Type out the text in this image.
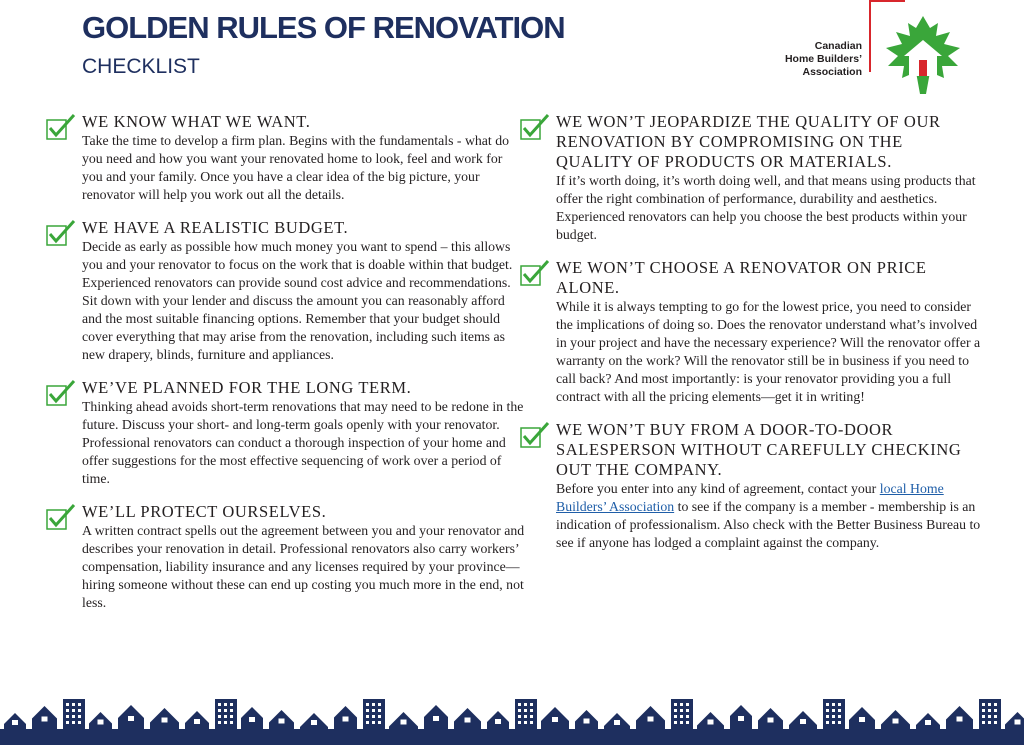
GOLDEN RULES OF RENOVATION
CHECKLIST
Canadian
Home Builders’
Association
WE KNOW WHAT WE WANT.

Take the time to develop a firm plan. Begins with the fundamentals - what do you need and how you want your renovated home to look, feel and work for you and your family. Once you have a clear idea of the big picture, your renovator will help you work out all the details.

WE HAVE A REALISTIC BUDGET.

Decide as early as possible how much money you want to spend – this allows you and your renovator to focus on the work that is doable within that budget. Experienced renovators can provide sound cost advice and recommendations. Sit down with your lender and discuss the amount you can reasonably afford and the most suitable financing options. Remember that your budget should cover everything that may arise from the renovation, including such items as new drapery, blinds, furniture and appliances.

WE’VE PLANNED FOR THE LONG TERM.

Thinking ahead avoids short-term renovations that may need to be redone in the future. Discuss your short- and long-term goals openly with your renovator. Professional renovators can conduct a thorough inspection of your home and offer suggestions for the most effective sequencing of work over a period of time.

WE’LL PROTECT OURSELVES.

A written contract spells out the agreement between you and your renovator and describes your renovation in detail. Professional renovators also carry workers’ compensation, liability insurance and any licenses required by your province—hiring someone without these can end up costing you much more in the end, not less.

WE WON’T JEOPARDIZE THE QUALITY OF OUR RENOVATION BY COMPROMISING ON THE QUALITY OF PRODUCTS OR MATERIALS.

If it’s worth doing, it’s worth doing well, and that means using products that offer the right combination of performance, durability and aesthetics. Experienced renovators can help you choose the best products within your budget.

WE WON’T CHOOSE A RENOVATOR ON PRICE ALONE.

While it is always tempting to go for the lowest price, you need to consider the implications of doing so. Does the renovator understand what’s involved in your project and have the necessary experience? Will the renovator offer a warranty on the work? Will the renovator still be in business if you need to call back? And most importantly: is your renovator providing you a full contract with all the pricing elements—get it in writing!

WE WON’T BUY FROM A DOOR-TO-DOOR SALESPERSON WITHOUT CAREFULLY CHECKING OUT THE COMPANY.

Before you enter into any kind of agreement, contact your local Home Builders’ Association to see if the company is a member - membership is an indication of professionalism. Also check with the Better Business Bureau to see if anyone has lodged a complaint against the company.
